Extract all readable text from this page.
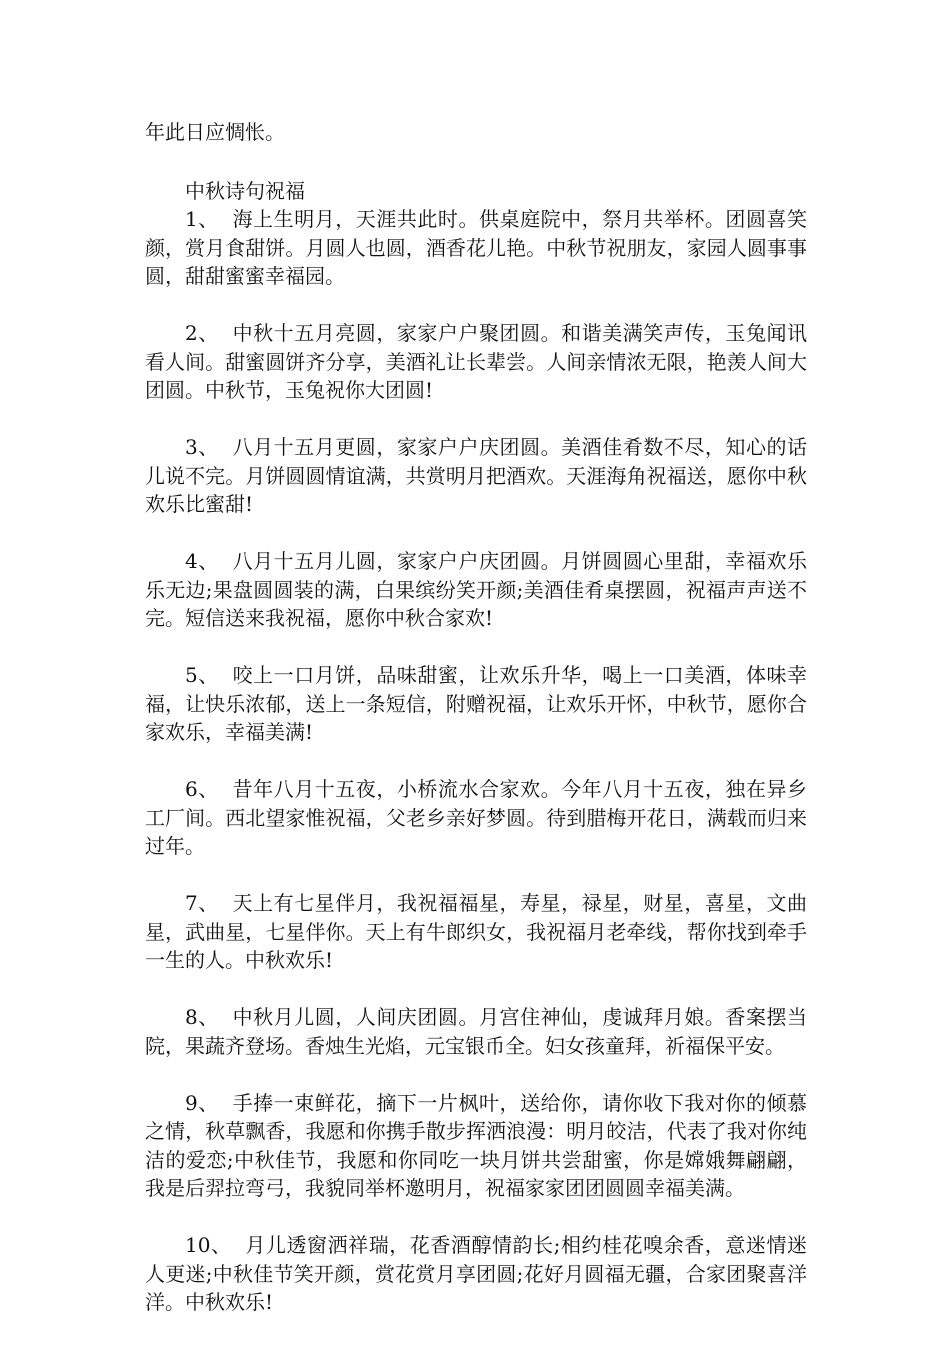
年此日应惆怅。

中秋诗句祝福

1、 海上生明月，天涯共此时。供桌庭院中，祭月共举杯。团圆喜笑颜，赏月食甜饼。月圆人也圆，酒香花儿艳。中秋节祝朋友，家园人圆事事圆，甜甜蜜蜜幸福园。

2、 中秋十五月亮圆，家家户户聚团圆。和谐美满笑声传，玉兔闻讯看人间。甜蜜圆饼齐分享，美酒礼让长辈尝。人间亲情浓无限，艳羡人间大团圆。中秋节，玉兔祝你大团圆!

3、 八月十五月更圆，家家户户庆团圆。美酒佳肴数不尽，知心的话儿说不完。月饼圆圆情谊满，共赏明月把酒欢。天涯海角祝福送，愿你中秋欢乐比蜜甜!

4、 八月十五月儿圆，家家户户庆团圆。月饼圆圆心里甜，幸福欢乐乐无边;果盘圆圆装的满，白果缤纷笑开颜;美酒佳肴桌摆圆，祝福声声送不完。短信送来我祝福，愿你中秋合家欢!

5、 咬上一口月饼，品味甜蜜，让欢乐升华，喝上一口美酒，体味幸福，让快乐浓郁，送上一条短信，附赠祝福，让欢乐开怀，中秋节，愿你合家欢乐，幸福美满!

6、 昔年八月十五夜，小桥流水合家欢。今年八月十五夜，独在异乡工厂间。西北望家惟祝福，父老乡亲好梦圆。待到腊梅开花日，满载而归来过年。

7、 天上有七星伴月，我祝福福星，寿星，禄星，财星，喜星，文曲星，武曲星，七星伴你。天上有牛郎织女，我祝福月老牵线，帮你找到牵手一生的人。中秋欢乐!

8、 中秋月儿圆，人间庆团圆。月宫住神仙，虔诚拜月娘。香案摆当院，果蔬齐登场。香烛生光焰，元宝银币全。妇女孩童拜，祈福保平安。

9、 手捧一束鲜花，摘下一片枫叶，送给你，请你收下我对你的倾慕之情，秋草飘香，我愿和你携手散步挥洒浪漫：明月皎洁，代表了我对你纯洁的爱恋;中秋佳节，我愿和你同吃一块月饼共尝甜蜜，你是嫦娥舞翩翩，我是后羿拉弯弓，我貌同举杯邀明月，祝福家家团团圆圆幸福美满。

10、 月儿透窗洒祥瑞，花香酒醇情韵长;相约桂花嗅余香，意迷情迷人更迷;中秋佳节笑开颜，赏花赏月享团圆;花好月圆福无疆，合家团聚喜洋洋。中秋欢乐!
